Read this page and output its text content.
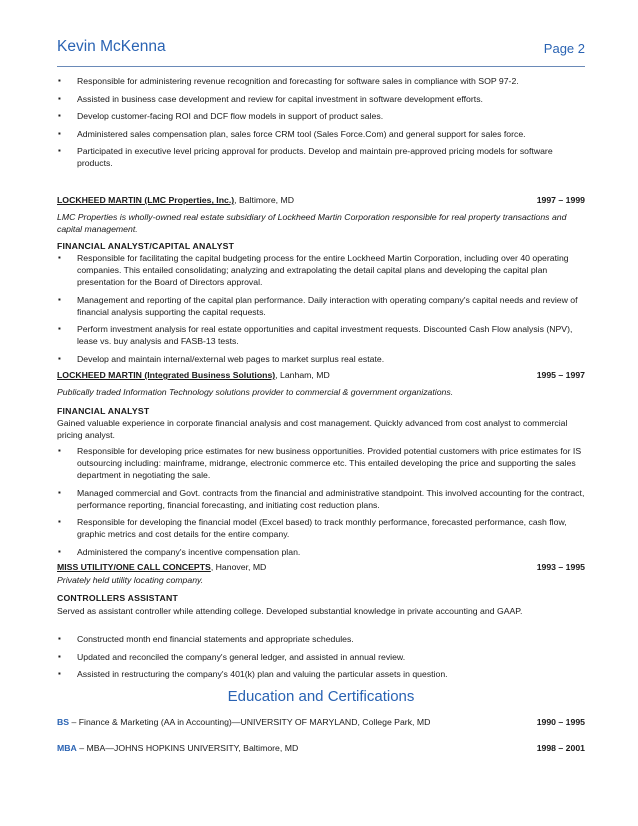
Kevin McKenna	Page 2
▪ Responsible for administering revenue recognition and forecasting for software sales in compliance with SOP 97-2.
▪ Assisted in business case development and review for capital investment in software development efforts.
▪ Develop customer-facing ROI and DCF flow models in support of product sales.
▪ Administered sales compensation plan, sales force CRM tool (Sales Force.Com) and general support for sales force.
▪ Participated in executive level pricing approval for products. Develop and maintain pre-approved pricing models for software products.
LOCKHEED MARTIN (LMC Properties, Inc.), Baltimore, MD	1997 – 1999
LMC Properties is wholly-owned real estate subsidiary of Lockheed Martin Corporation responsible for real property transactions and capital management.
FINANCIAL ANALYST/CAPITAL ANALYST
▪ Responsible for facilitating the capital budgeting process for the entire Lockheed Martin Corporation, including over 40 operating companies. This entailed consolidating; analyzing and extrapolating the detail capital plans and developing the capital plan presentation for the Board of Directors approval.
▪ Management and reporting of the capital plan performance. Daily interaction with operating company's capital needs and review of financial analysis supporting the capital requests.
▪ Perform investment analysis for real estate opportunities and capital investment requests. Discounted Cash Flow analysis (NPV), lease vs. buy analysis and FASB-13 tests.
▪ Develop and maintain internal/external web pages to market surplus real estate.
LOCKHEED MARTIN (Integrated Business Solutions), Lanham, MD	1995 – 1997
Publically traded Information Technology solutions provider to commercial & government organizations.
FINANCIAL ANALYST
Gained valuable experience in corporate financial analysis and cost management. Quickly advanced from cost analyst to commercial pricing analyst.
▪ Responsible for developing price estimates for new business opportunities. Provided potential customers with price estimates for IS outsourcing including: mainframe, midrange, electronic commerce etc. This entailed developing the price and supporting the sales department in negotiating the sale.
▪ Managed commercial and Govt. contracts from the financial and administrative standpoint. This involved accounting for the contract, performance reporting, financial forecasting, and initiating cost reduction plans.
▪ Responsible for developing the financial model (Excel based) to track monthly performance, forecasted performance, cash flow, graphic metrics and cost details for the entire company.
▪ Administered the company's incentive compensation plan.
MISS UTILITY/ONE CALL CONCEPTS, Hanover, MD	1993 – 1995
Privately held utility locating company.
CONTROLLERS ASSISTANT
Served as assistant controller while attending college. Developed substantial knowledge in private accounting and GAAP.
▪ Constructed month end financial statements and appropriate schedules.
▪ Updated and reconciled the company's general ledger, and assisted in annual review.
▪ Assisted in restructuring the company's 401(k) plan and valuing the particular assets in question.
Education and Certifications
BS – Finance & Marketing (AA in Accounting)—UNIVERSITY OF MARYLAND, College Park, MD	1990 – 1995
MBA – MBA—JOHNS HOPKINS UNIVERSITY, Baltimore, MD	1998 – 2001
